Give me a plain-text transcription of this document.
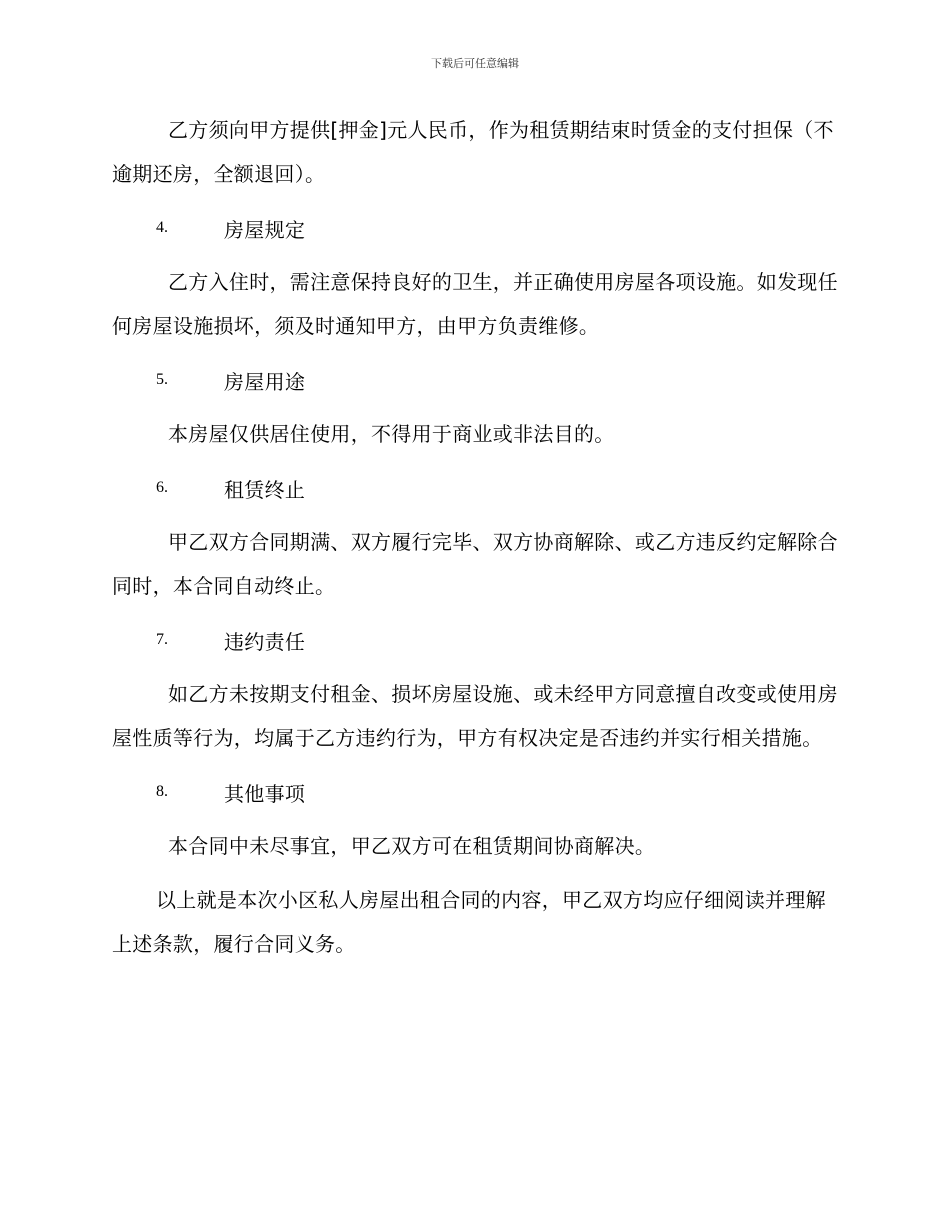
下载后可任意编辑

乙方须向甲方提供[押金]元人民币，作为租赁期结束时赁金的支付担保（不逾期还房，全额退回）。

4.	房屋规定

乙方入住时，需注意保持良好的卫生，并正确使用房屋各项设施。如发现任何房屋设施损坏，须及时通知甲方，由甲方负责维修。

5.	房屋用途

本房屋仅供居住使用，不得用于商业或非法目的。

6.	租赁终止

甲乙双方合同期满、双方履行完毕、双方协商解除、或乙方违反约定解除合同时，本合同自动终止。

7.	违约责任

如乙方未按期支付租金、损坏房屋设施、或未经甲方同意擅自改变或使用房屋性质等行为，均属于乙方违约行为，甲方有权决定是否违约并实行相关措施。

8.	其他事项

本合同中未尽事宜，甲乙双方可在租赁期间协商解决。

以上就是本次小区私人房屋出租合同的内容，甲乙双方均应仔细阅读并理解上述条款，履行合同义务。
